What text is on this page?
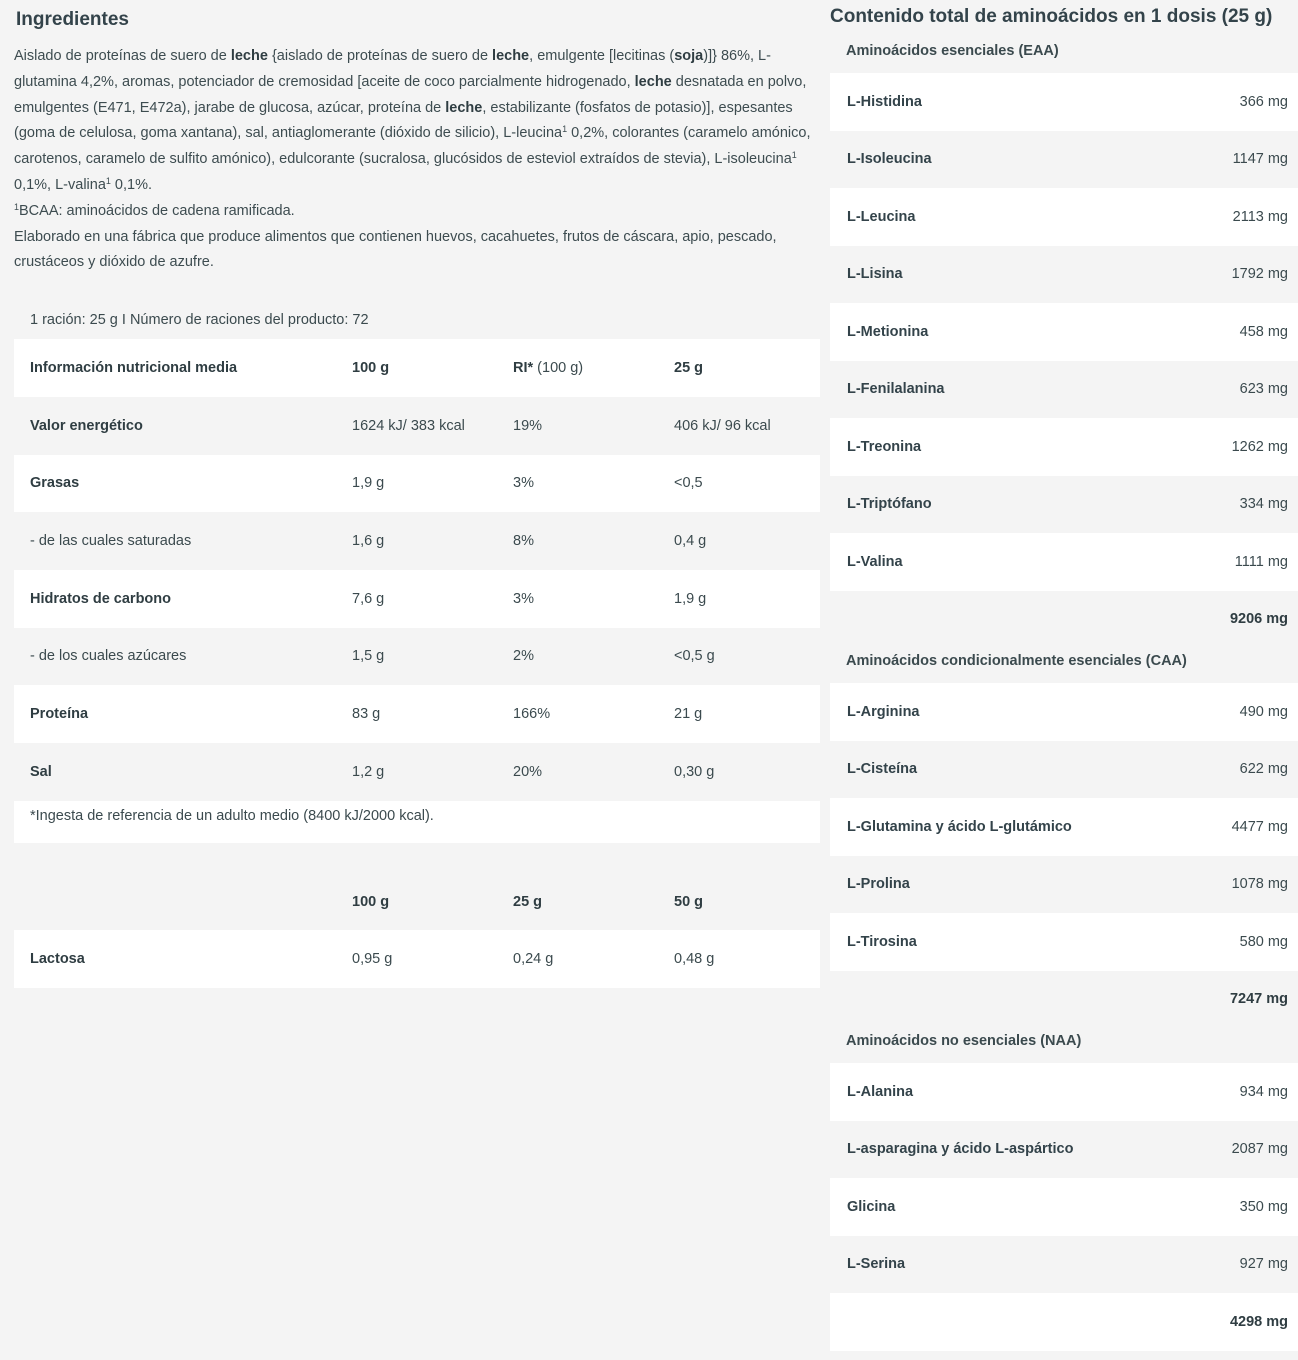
Ingredientes

Aislado de proteínas de suero de leche {aislado de proteínas de suero de leche, emulgente [lecitinas (soja)]} 86%, L-glutamina 4,2%, aromas, potenciador de cremosidad [aceite de coco parcialmente hidrogenado, leche desnatada en polvo, emulgentes (E471, E472a), jarabe de glucosa, azúcar, proteína de leche, estabilizante (fosfatos de potasio)], espesantes (goma de celulosa, goma xantana), sal, antiaglomerante (dióxido de silicio), L-leucina$^1$ 0,2%, colorantes (caramelo amónico, carotenos, caramelo de sulfito amónico), edulcorante (sucralosa, glucósidos de esteviol extraídos de stevia), L-isoleucina$^1$ 0,1%, L-valina$^1$ 0,1%.

$^1$BCAA: aminoácidos de cadena ramificada.

Elaborado en una fábrica que produce alimentos que contienen huevos, cacahuetes, frutos de cáscara, apio, pescado, crustáceos y dióxido de azufre.

1 ración: 25 g I Número de raciones del producto: 72
Información nutricional media	100 g	RI* (100 g)	25 g
Valor energético	1624 kJ/ 383 kcal	19%	406 kJ/ 96 kcal
Grasas	1,9 g	3%	<0,5
- de las cuales saturadas	1,6 g	8%	0,4 g
Hidratos de carbono	7,6 g	3%	1,9 g
- de los cuales azúcares	1,5 g	2%	<0,5 g
Proteína	83 g	166%	21 g
Sal	1,2 g	20%	0,30 g
*Ingesta de referencia de un adulto medio (8400 kJ/2000 kcal).
	100 g	25 g	50 g
Lactosa	0,95 g	0,24 g	0,48 g
Contenido total de aminoácidos en 1 dosis (25 g)
Aminoácidos esenciales (EAA)
L-Histidina	366 mg
L-Isoleucina	1147 mg
L-Leucina	2113 mg
L-Lisina	1792 mg
L-Metionina	458 mg
L-Fenilalanina	623 mg
L-Treonina	1262 mg
L-Triptófano	334 mg
L-Valina	1111 mg
9206 mg
Aminoácidos condicionalmente esenciales (CAA)
L-Arginina	490 mg
L-Cisteína	622 mg
L-Glutamina y ácido L-glutámico	4477 mg
L-Prolina	1078 mg
L-Tirosina	580 mg
7247 mg
Aminoácidos no esenciales (NAA)
L-Alanina	934 mg
L-asparagina y ácido L-aspártico	2087 mg
Glicina	350 mg
L-Serina	927 mg
4298 mg
